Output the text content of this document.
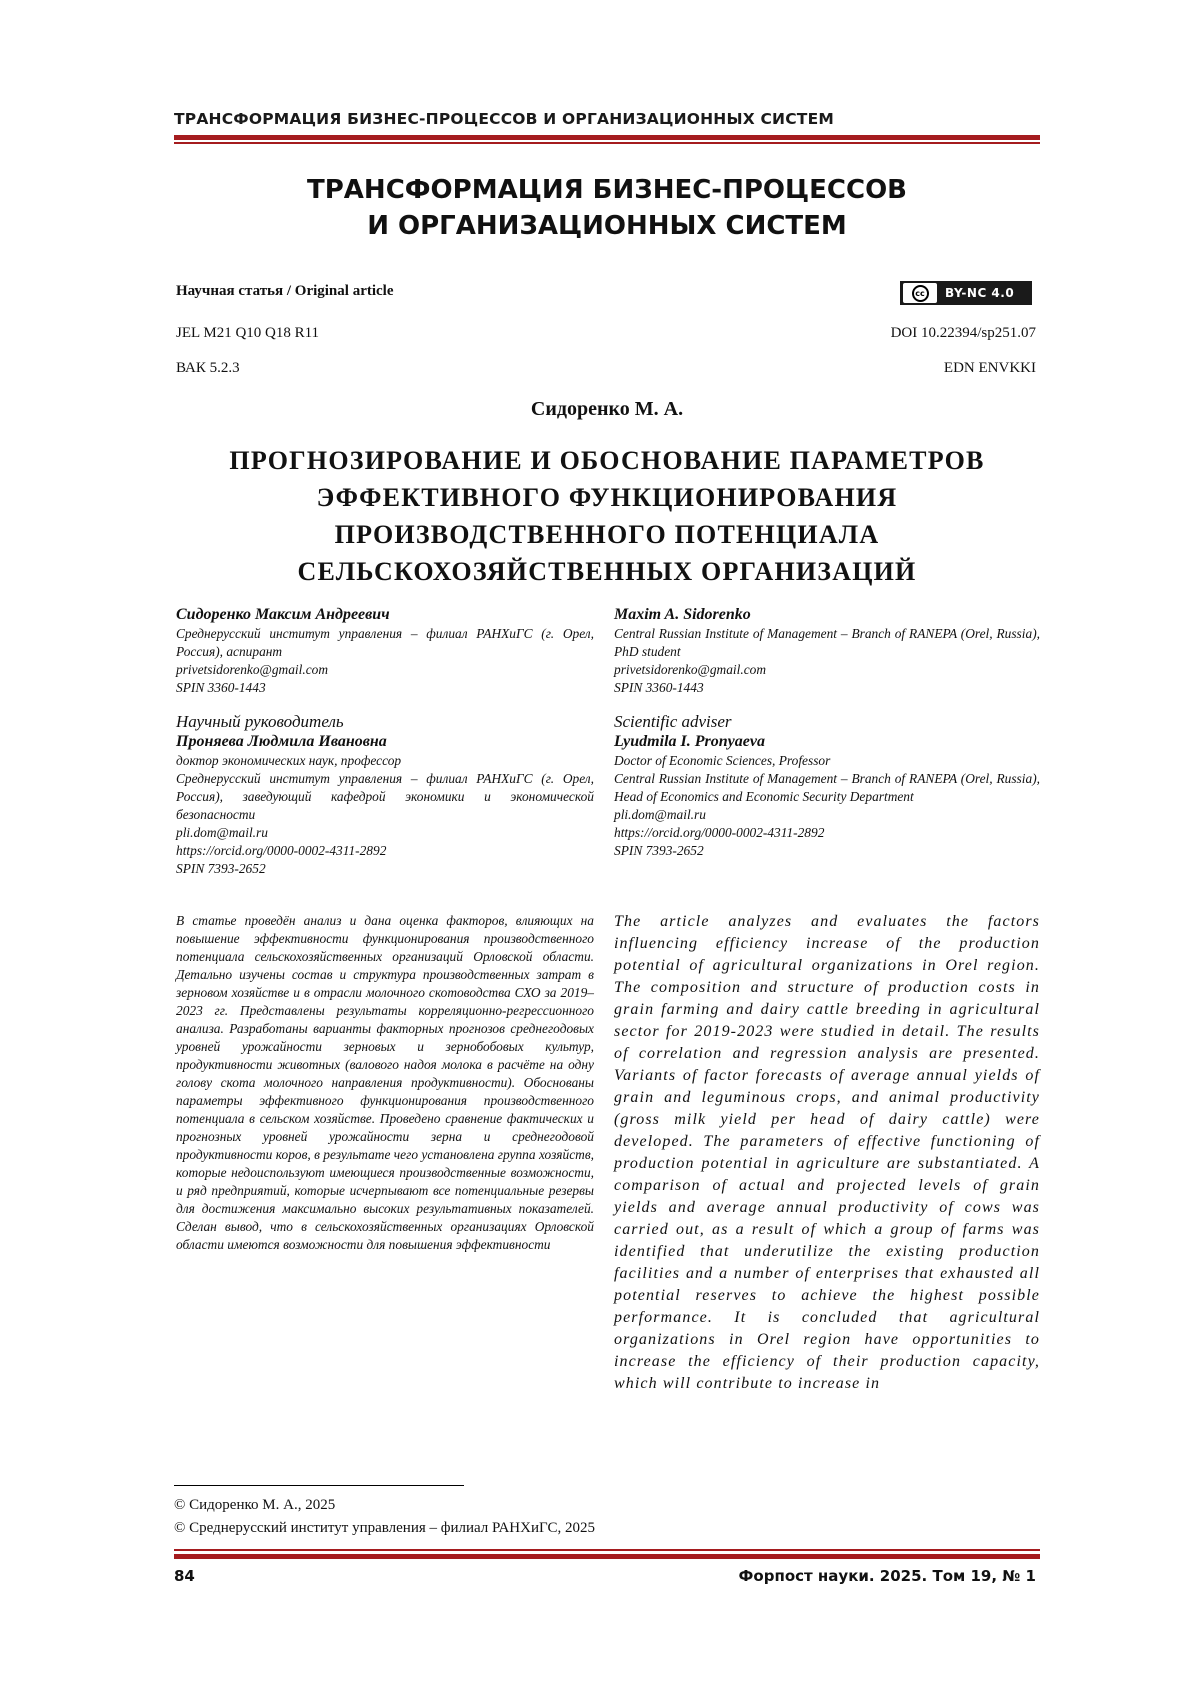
ТРАНСФОРМАЦИЯ БИЗНЕС-ПРОЦЕССОВ И ОРГАНИЗАЦИОННЫХ СИСТЕМ
ТРАНСФОРМАЦИЯ БИЗНЕС-ПРОЦЕССОВ
И ОРГАНИЗАЦИОННЫХ СИСТЕМ
Научная статья / Original article	cc	BY-NC 4.0
JEL M21 Q10 Q18 R11	DOI 10.22394/sp251.07
ВАК 5.2.3	EDN ENVKKI
Сидоренко М. А.
ПРОГНОЗИРОВАНИЕ И ОБОСНОВАНИЕ ПАРАМЕТРОВ
ЭФФЕКТИВНОГО ФУНКЦИОНИРОВАНИЯ
ПРОИЗВОДСТВЕННОГО ПОТЕНЦИАЛА
СЕЛЬСКОХОЗЯЙСТВЕННЫХ ОРГАНИЗАЦИЙ
Сидоренко Максим Андреевич
Среднерусский институт управления – филиал РАНХиГС (г. Орел, Россия), аспирант
privetsidorenko@gmail.com
SPIN 3360-1443
Научный руководитель
Проняева Людмила Ивановна
доктор экономических наук, профессор
Среднерусский институт управления – филиал РАНХиГС (г. Орел, Россия), заведующий кафедрой экономики и экономической безопасности
pli.dom@mail.ru
https://orcid.org/0000-0002-4311-2892
SPIN 7393-2652
Maxim A. Sidorenko
Central Russian Institute of Management – Branch of RANEPA (Orel, Russia), PhD student
privetsidorenko@gmail.com
SPIN 3360-1443
Scientific adviser
Lyudmila I. Pronyaeva
Doctor of Economic Sciences, Professor
Central Russian Institute of Management – Branch of RANEPA (Orel, Russia), Head of Economics and Economic Security Department
pli.dom@mail.ru
https://orcid.org/0000-0002-4311-2892
SPIN 7393-2652
В статье проведён анализ и дана оценка факторов, влияющих на повышение эффективности функционирования производственного потенциала сельскохозяйственных организаций Орловской области. Детально изучены состав и структура производственных затрат в зерновом хозяйстве и в отрасли молочного скотоводства СХО за 2019–2023 гг. Представлены результаты корреляционно-регрессионного анализа. Разработаны варианты факторных прогнозов среднегодовых уровней урожайности зерновых и зернобобовых культур, продуктивности животных (валового надоя молока в расчёте на одну голову скота молочного направления продуктивности). Обоснованы параметры эффективного функционирования производственного потенциала в сельском хозяйстве. Проведено сравнение фактических и прогнозных уровней урожайности зерна и среднегодовой продуктивности коров, в результате чего установлена группа хозяйств, которые недоиспользуют имеющиеся производственные возможности, и ряд предприятий, которые исчерпывают все потенциальные резервы для достижения максимально высоких результативных показателей. Сделан вывод, что в сельскохозяйственных организациях Орловской области имеются возможности для повышения эффективности
The article analyzes and evaluates the factors influencing efficiency increase of the production potential of agricultural organizations in Orel region. The composition and structure of production costs in grain farming and dairy cattle breeding in agricultural sector for 2019-2023 were studied in detail. The results of correlation and regression analysis are presented. Variants of factor forecasts of average annual yields of grain and leguminous crops, and animal productivity (gross milk yield per head of dairy cattle) were developed. The parameters of effective functioning of production potential in agriculture are substantiated. A comparison of actual and projected levels of grain yields and average annual productivity of cows was carried out, as a result of which a group of farms was identified that underutilize the existing production facilities and a number of enterprises that exhausted all potential reserves to achieve the highest possible performance. It is concluded that agricultural organizations in Orel region have opportunities to increase the efficiency of their production capacity, which will contribute to increase in
© Сидоренко М. А., 2025
© Среднерусский институт управления – филиал РАНХиГС, 2025
84	Форпост науки. 2025. Том 19, № 1
